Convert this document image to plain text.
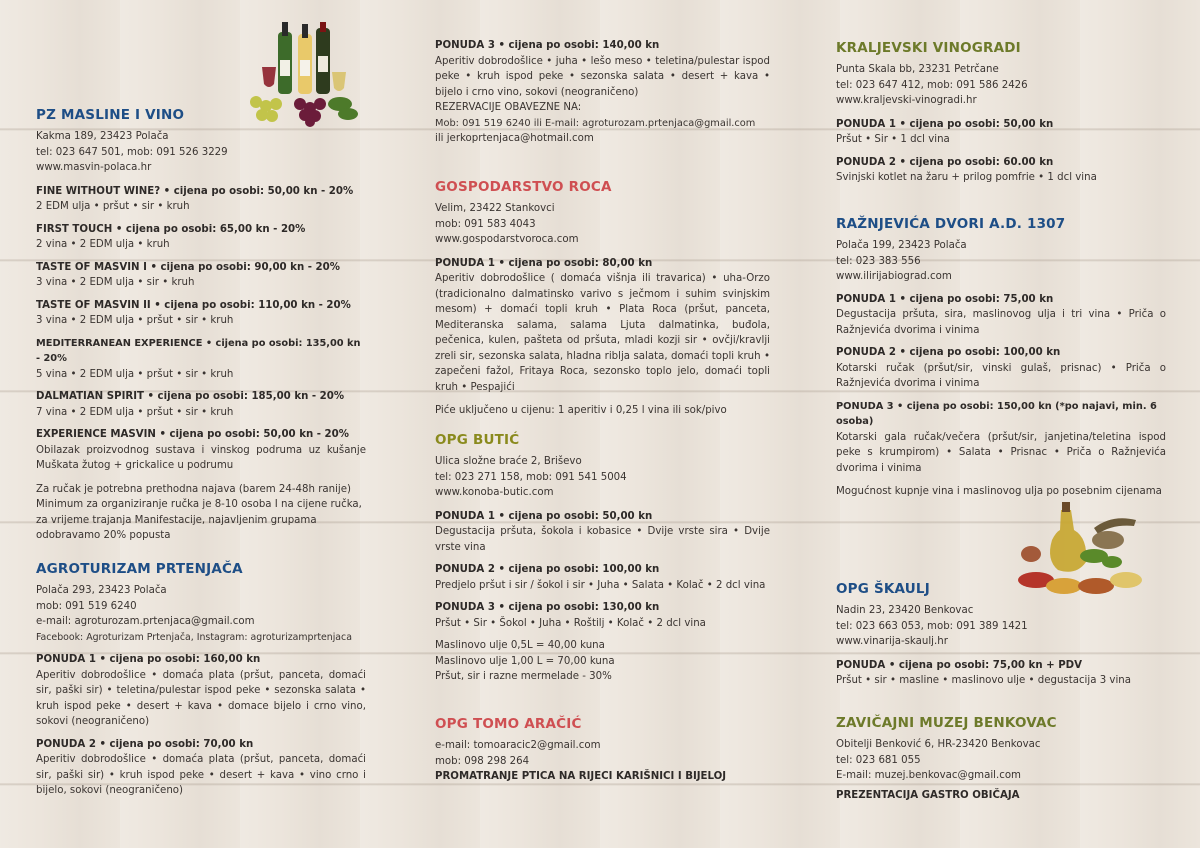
PZ MASLINE I VINO

Kakma 189, 23423 Polača

tel: 023 647 501, mob: 091 526 3229

www.masvin-polaca.hr

FINE WITHOUT WINE? • cijena po osobi: 50,00 kn - 20%

2 EDM ulja • pršut • sir • kruh

FIRST TOUCH • cijena po osobi: 65,00 kn - 20%

2 vina • 2 EDM ulja • kruh

TASTE OF MASVIN I • cijena po osobi: 90,00 kn - 20%

3 vina • 2 EDM ulja • sir • kruh

TASTE OF MASVIN II • cijena po osobi: 110,00 kn - 20%

3 vina • 2 EDM ulja • pršut • sir • kruh

MEDITERRANEAN EXPERIENCE • cijena po osobi: 135,00 kn - 20%

5 vina • 2 EDM ulja • pršut • sir • kruh

DALMATIAN SPIRIT • cijena po osobi: 185,00 kn - 20%

7 vina • 2 EDM ulja • pršut • sir • kruh

EXPERIENCE MASVIN • cijena po osobi: 50,00 kn - 20%

Obilazak proizvodnog sustava i vinskog podruma uz kušanje Muškata žutog + grickalice u podrumu

Za ručak je potrebna prethodna najava (barem 24-48h ranije) Minimum za organiziranje ručka je 8-10 osoba I na cijene ručka, za vrijeme trajanja Manifestacije, najavljenim grupama odobravamo 20% popusta

AGROTURIZAM PRTENJAČA

Polača 293, 23423 Polača

mob: 091 519 6240

e-mail: agroturozam.prtenjaca@gmail.com

Facebook: Agroturizam Prtenjača, Instagram: agroturizamprtenjaca

PONUDA 1 • cijena po osobi: 160,00 kn

Aperitiv dobrodošlice • domaća plata (pršut, panceta, domaći sir, paški sir) • teletina/pulestar ispod peke • sezonska salata • kruh ispod peke • desert + kava • domace bijelo i crno vino, sokovi (neograničeno)

PONUDA 2 • cijena po osobi: 70,00 kn

Aperitiv dobrodošlice • domaća plata (pršut, panceta, domaći sir, paški sir) • kruh ispod peke • desert + kava • vino crno i bijelo, sokovi (neograničeno)

PONUDA 3 • cijena po osobi: 140,00 kn

Aperitiv dobrodošlice • juha • lešo meso • teletina/pulestar ispod peke • kruh ispod peke • sezonska salata • desert + kava • bijelo i crno vino, sokovi (neograničeno)

REZERVACIJE OBAVEZNE NA:

Mob: 091 519 6240 ili E-mail: agroturozam.prtenjaca@gmail.com

ili jerkoprtenjaca@hotmail.com

GOSPODARSTVO ROCA

Velim, 23422 Stankovci

mob: 091 583 4043

www.gospodarstvoroca.com

PONUDA 1 • cijena po osobi: 80,00 kn

Aperitiv dobrodošlice ( domaća višnja ili travarica) • uha-Orzo (tradicionalno dalmatinsko varivo s ječmom i suhim svinjskim mesom) + domaći topli kruh • Plata Roca (pršut, panceta, Mediteranska salama, salama Ljuta dalmatinka, buđola, pečenica, kulen, pašteta od pršuta, mladi kozji sir • ovčji/kravlji zreli sir, sezonska salata, hladna riblja salata, domaći topli kruh • zapečeni fažol, Fritaya Roca, sezonsko toplo jelo, domaći topli kruh • Pespajići

Piće uključeno u cijenu: 1 aperitiv i 0,25 l vina ili sok/pivo

OPG BUTIĆ

Ulica složne braće 2, Briševo

tel: 023 271 158, mob: 091 541 5004

www.konoba-butic.com

PONUDA 1 • cijena po osobi: 50,00 kn

Degustacija pršuta, šokola i kobasice • Dvije vrste sira • Dvije vrste vina

PONUDA 2 • cijena po osobi: 100,00 kn

Predjelo pršut i sir / šokol i sir • Juha • Salata • Kolač • 2 dcl vina

PONUDA 3 • cijena po osobi: 130,00 kn

Pršut • Sir • Šokol • Juha • Roštilj • Kolač • 2 dcl vina

Maslinovo ulje 0,5L = 40,00 kuna

Maslinovo ulje 1,00 L = 70,00 kuna

Pršut, sir i razne mermelade - 30%

OPG TOMO ARAČIĆ

e-mail: tomoaracic2@gmail.com

mob: 098 298 264

PROMATRANJE PTICA NA RIJECI KARIŠNICI I BIJELOJ

KRALJEVSKI VINOGRADI

Punta Skala bb, 23231 Petrčane

tel: 023 647 412, mob: 091 586 2426

www.kraljevski-vinogradi.hr

PONUDA 1 • cijena po osobi: 50,00 kn

Pršut • Sir • 1 dcl vina

PONUDA 2 • cijena po osobi: 60.00 kn

Svinjski kotlet na žaru + prilog pomfrie • 1 dcl vina

RAŽNJEVIĆA DVORI A.D. 1307

Polača 199, 23423 Polača

tel: 023 383 556

www.ilirijabiograd.com

PONUDA 1 • cijena po osobi: 75,00 kn

Degustacija pršuta, sira, maslinovog ulja i tri vina • Priča o Ražnjevića dvorima i vinima

PONUDA 2 • cijena po osobi: 100,00 kn

Kotarski ručak (pršut/sir, vinski gulaš, prisnac) • Priča o Ražnjevića dvorima i vinima

PONUDA 3 • cijena po osobi: 150,00 kn (*po najavi, min. 6 osoba)

Kotarski gala ručak/večera (pršut/sir, janjetina/teletina ispod peke s krumpirom) • Salata • Prisnac • Priča o Ražnjevića dvorima i vinima

Mogućnost kupnje vina i maslinovog ulja po posebnim cijenama

OPG ŠKAULJ

Nadin 23, 23420 Benkovac

tel: 023 663 053, mob: 091 389 1421

www.vinarija-skaulj.hr

PONUDA • cijena po osobi: 75,00 kn + PDV

Pršut • sir • masline • maslinovo ulje • degustacija 3 vina

ZAVIČAJNI MUZEJ BENKOVAC

Obitelji Benković 6, HR-23420 Benkovac

tel: 023 681 055

E-mail: muzej.benkovac@gmail.com

PREZENTACIJA GASTRO OBIČAJA
